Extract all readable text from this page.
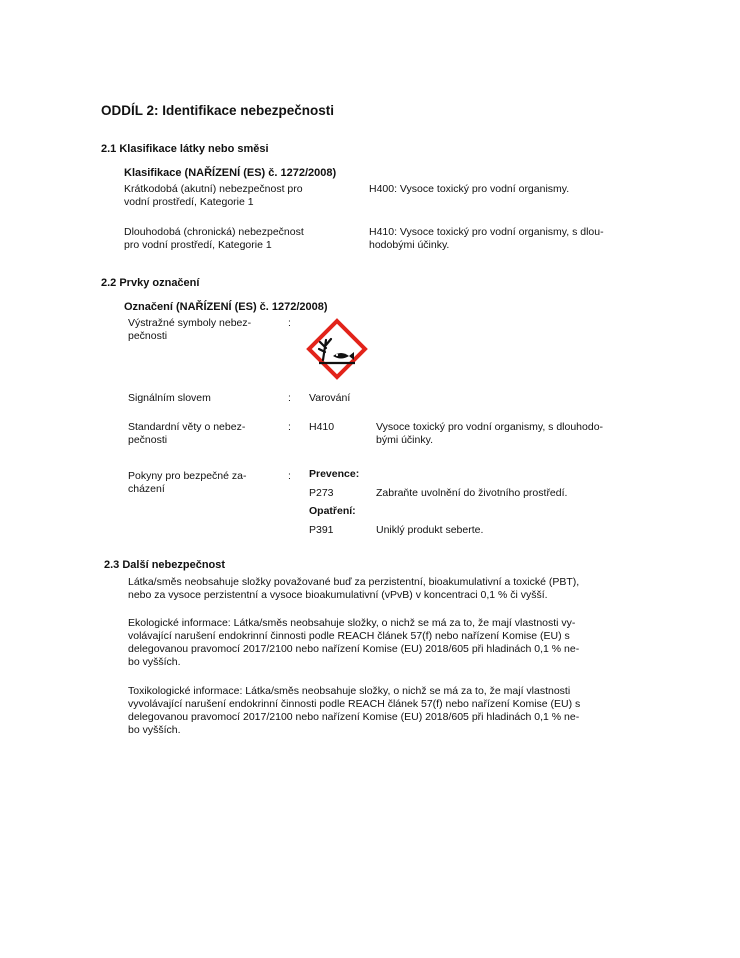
ODDÍL 2: Identifikace nebezpečnosti
2.1 Klasifikace látky nebo směsi
Klasifikace (NAŘÍZENÍ (ES) č. 1272/2008)
Krátkodobá (akutní) nebezpečnost pro
vodní prostředí, Kategorie 1
H400: Vysoce toxický pro vodní organismy.
Dlouhodobá (chronická) nebezpečnost
pro vodní prostředí, Kategorie 1
H410: Vysoce toxický pro vodní organismy, s dlou-
hodobými účinky.
2.2 Prvky označení
Označení (NAŘÍZENÍ (ES) č. 1272/2008)
Výstražné symboly nebez-
pečnosti
:
Signálním slovem	: Varování
Standardní věty o nebez-
pečnosti
: H410	Vysoce toxický pro vodní organismy, s dlouhodo-
bými účinky.
Pokyny pro bezpečné za-
cházení
: Prevence:
P273	Zabraňte uvolnění do životního prostředí.
Opatření:
P391	Uniklý produkt seberte.
2.3 Další nebezpečnost
Látka/směs neobsahuje složky považované buď za perzistentní, bioakumulativní a toxické (PBT),
nebo za vysoce perzistentní a vysoce bioakumulativní (vPvB) v koncentraci 0,1 % či vyšší.
Ekologické informace: Látka/směs neobsahuje složky, o nichž se má za to, že mají vlastnosti vy-
volávající narušení endokrinní činnosti podle REACH článek 57(f) nebo nařízení Komise (EU) s
delegovanou pravomocí 2017/2100 nebo nařízení Komise (EU) 2018/605 při hladinách 0,1 % ne-
bo vyšších.
Toxikologické informace: Látka/směs neobsahuje složky, o nichž se má za to, že mají vlastnosti
vyvolávající narušení endokrinní činnosti podle REACH článek 57(f) nebo nařízení Komise (EU) s
delegovanou pravomocí 2017/2100 nebo nařízení Komise (EU) 2018/605 při hladinách 0,1 % ne-
bo vyšších.
